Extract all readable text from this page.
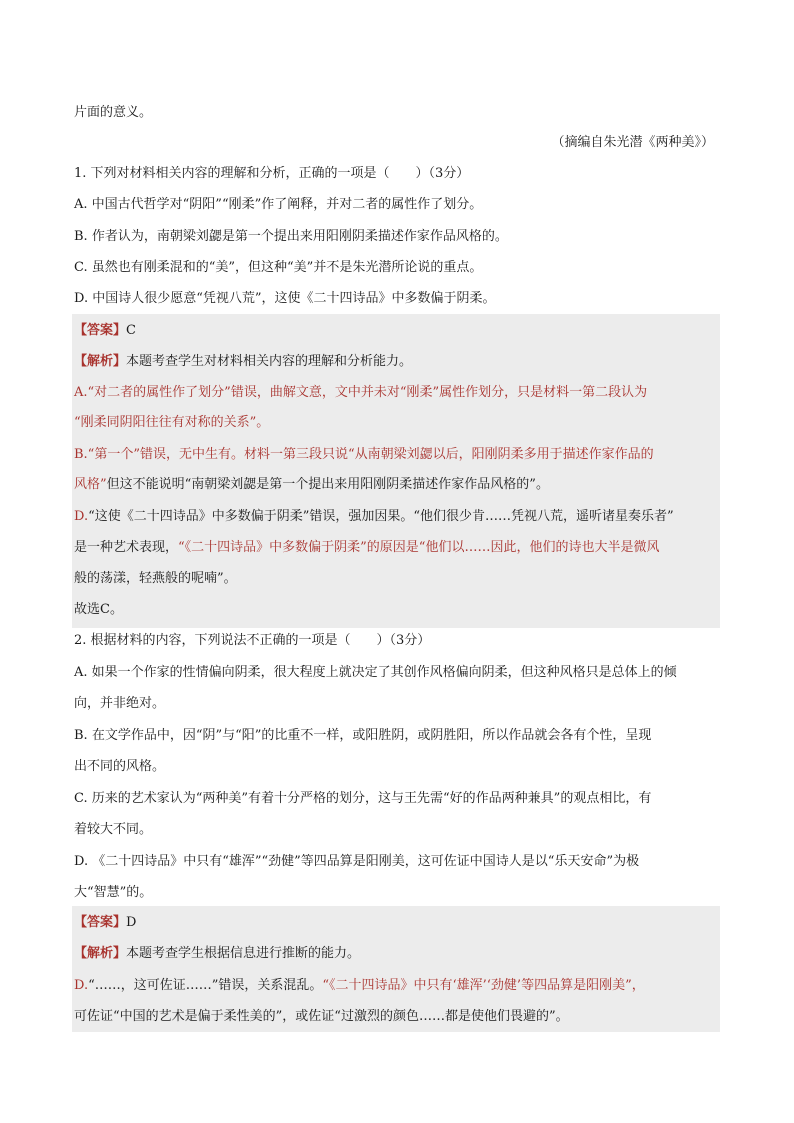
片面的意义。
（摘编自朱光潜《两种美》）
1. 下列对材料相关内容的理解和分析，正确的一项是（　　）（3分）
A. 中国古代哲学对“阴阳”“刚柔”作了阐释，并对二者的属性作了划分。
B. 作者认为，南朝梁刘勰是第一个提出来用阳刚阴柔描述作家作品风格的。
C. 虽然也有刚柔混和的“美”，但这种“美”并不是朱光潜所论说的重点。
D. 中国诗人很少愿意“凭视八荒”，这使《二十四诗品》中多数偏于阴柔。
【答案】C
【解析】本题考查学生对材料相关内容的理解和分析能力。
A.“对二者的属性作了划分”错误，曲解文意，文中并未对“刚柔”属性作划分，只是材料一第二段认为
“刚柔同阴阳往往有对称的关系”。
B.“第一个”错误，无中生有。材料一第三段只说“从南朝梁刘勰以后，阳刚阴柔多用于描述作家作品的
风格”但这不能说明“南朝梁刘勰是第一个提出来用阳刚阴柔描述作家作品风格的”。
D.“这使《二十四诗品》中多数偏于阴柔”错误，强加因果。“他们很少肯……凭视八荒，遥听诸星奏乐者”
是一种艺术表现，“《二十四诗品》中多数偏于阴柔”的原因是“他们以……因此，他们的诗也大半是微风
般的荡漾，轻燕般的呢喃”。
故选C。
2. 根据材料的内容，下列说法不正确的一项是（　　）（3分）
A. 如果一个作家的性情偏向阴柔，很大程度上就决定了其创作风格偏向阴柔，但这种风格只是总体上的倾
向，并非绝对。
B. 在文学作品中，因“阴”与“阳”的比重不一样，或阳胜阴，或阴胜阳，所以作品就会各有个性，呈现
出不同的风格。
C. 历来的艺术家认为“两种美”有着十分严格的划分，这与王先需“好的作品两种兼具”的观点相比，有
着较大不同。
D. 《二十四诗品》中只有“雄浑”“劲健”等四品算是阳刚美，这可佐证中国诗人是以“乐天安命”为极
大“智慧”的。
【答案】D
【解析】本题考查学生根据信息进行推断的能力。
D.“……，这可佐证……”错误，关系混乱。“《二十四诗品》中只有‘雄浑’‘劲健’等四品算是阳刚美”，
可佐证“中国的艺术是偏于柔性美的”，或佐证“过激烈的颜色……都是使他们畏避的”。
